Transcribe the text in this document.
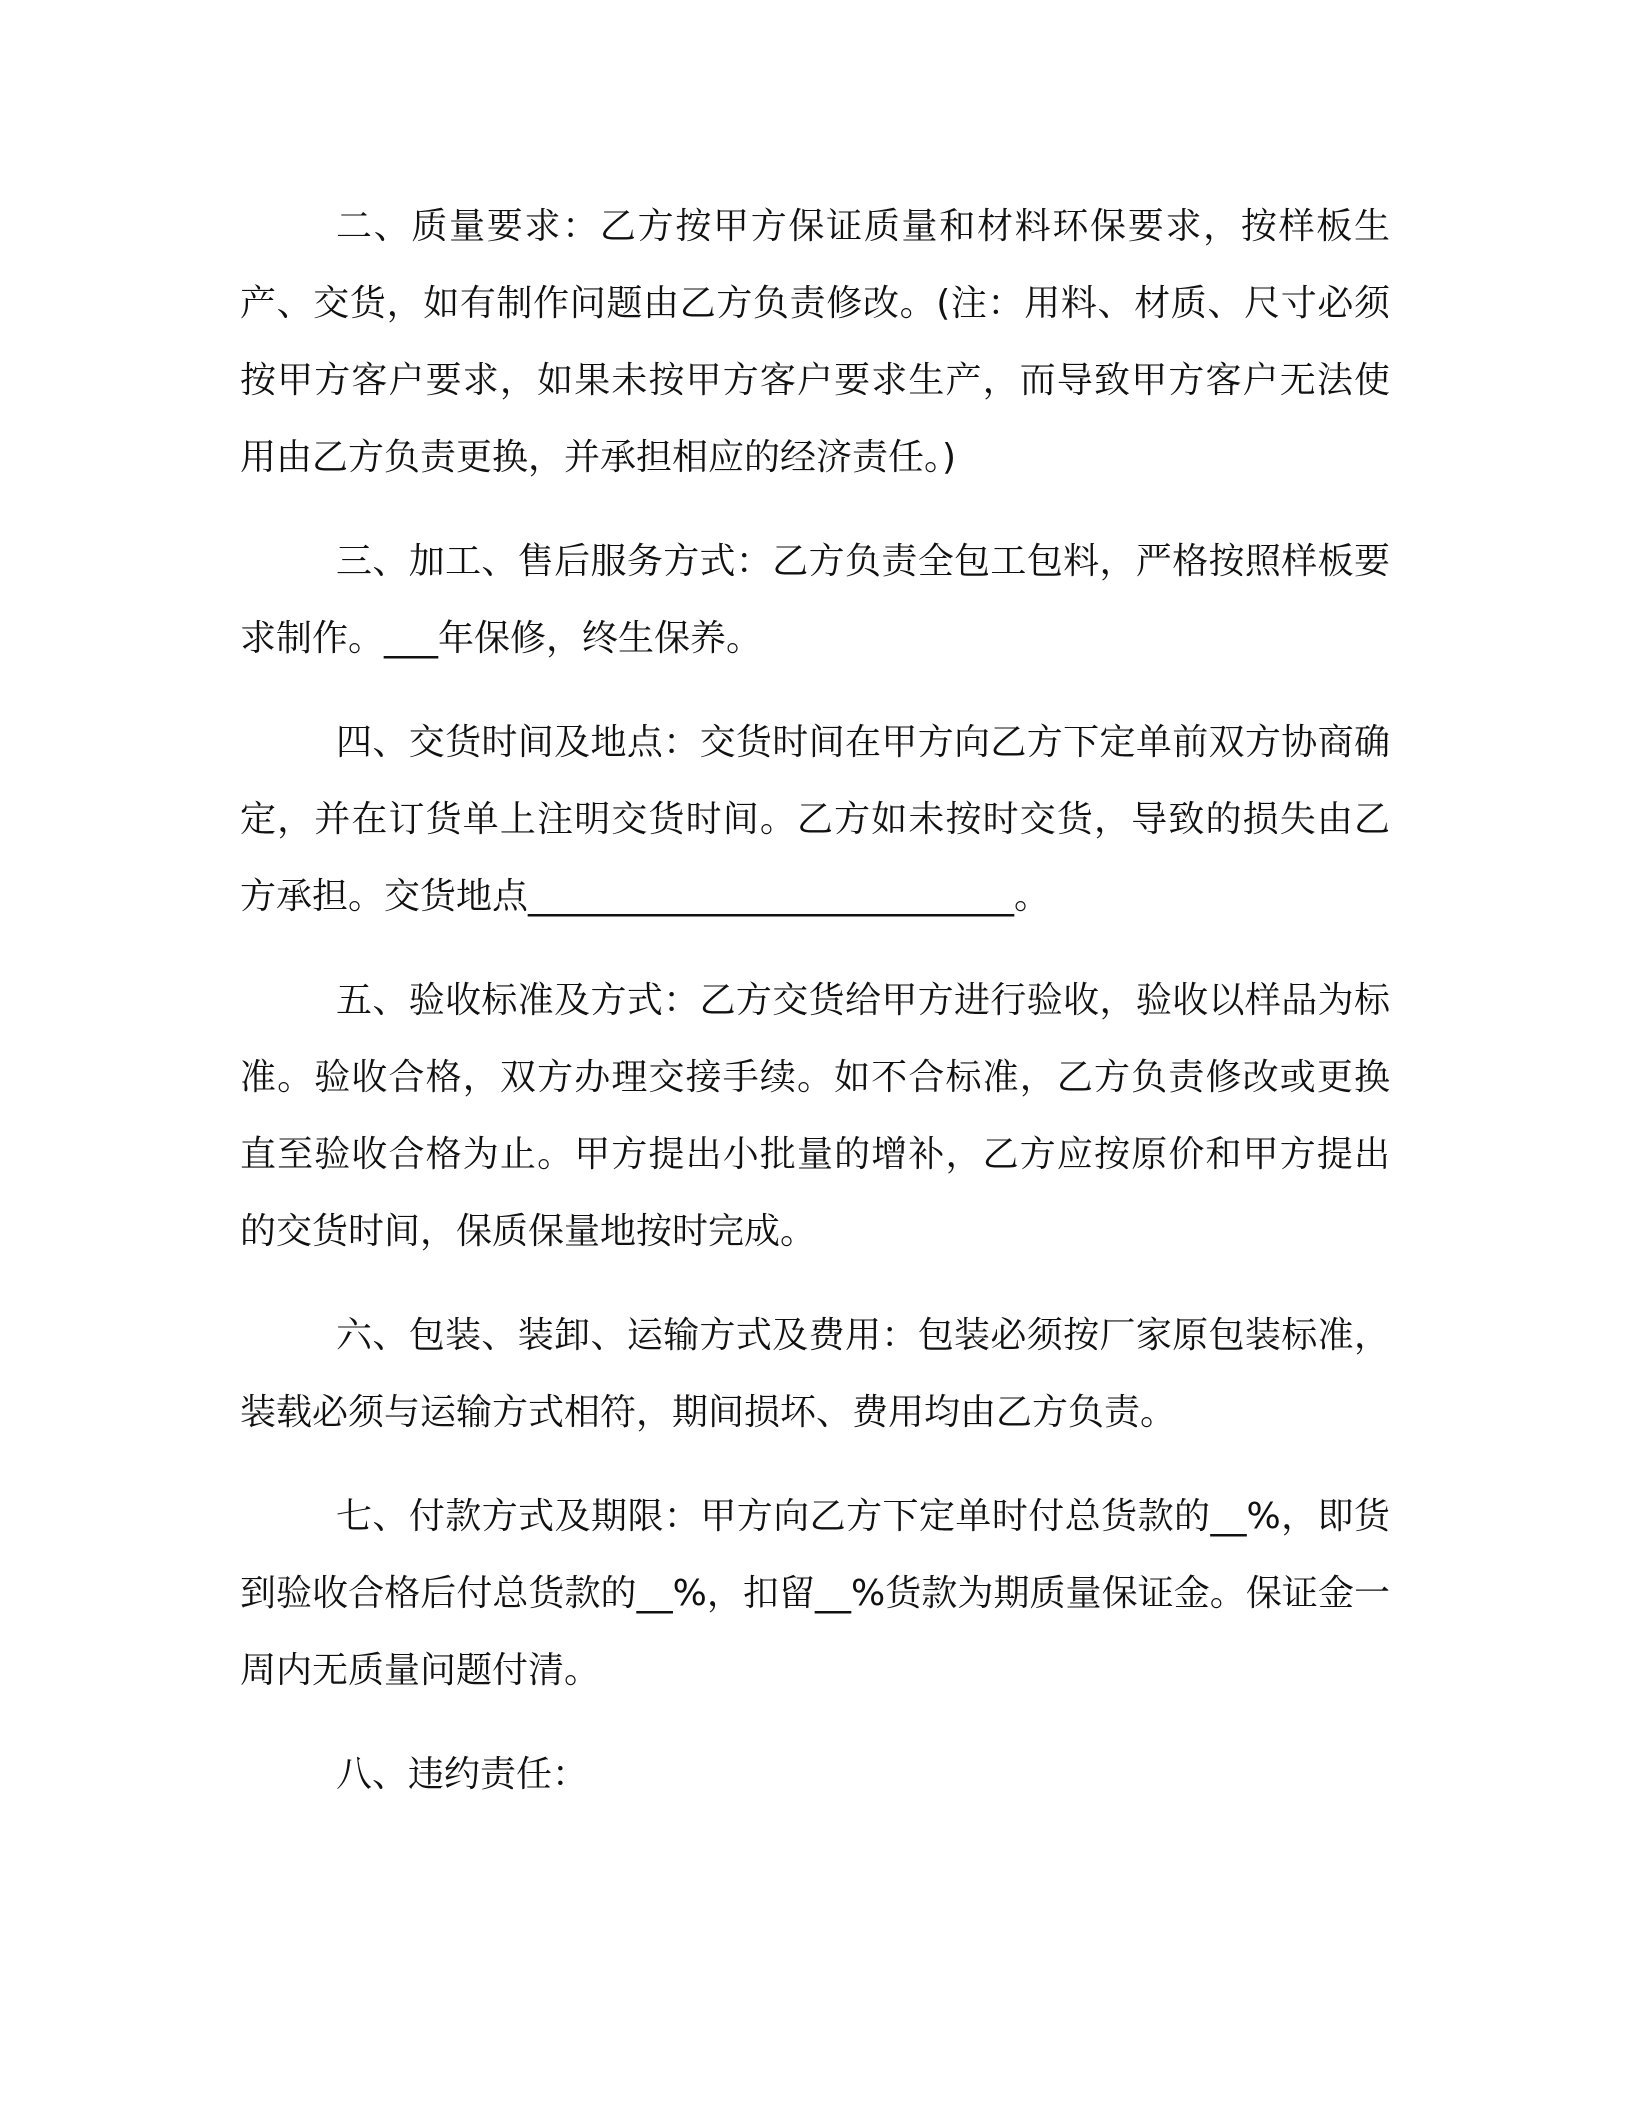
二、质量要求：乙方按甲方保证质量和材料环保要求，按样板生产、交货，如有制作问题由乙方负责修改。(注：用料、材质、尺寸必须按甲方客户要求，如果未按甲方客户要求生产，而导致甲方客户无法使用由乙方负责更换，并承担相应的经济责任。)

三、加工、售后服务方式：乙方负责全包工包料，严格按照样板要求制作。___年保修，终生保养。

四、交货时间及地点：交货时间在甲方向乙方下定单前双方协商确定，并在订货单上注明交货时间。乙方如未按时交货，导致的损失由乙方承担。交货地点___________________________。

五、验收标准及方式：乙方交货给甲方进行验收，验收以样品为标准。验收合格，双方办理交接手续。如不合标准，乙方负责修改或更换直至验收合格为止。甲方提出小批量的增补，乙方应按原价和甲方提出的交货时间，保质保量地按时完成。

六、包装、装卸、运输方式及费用：包装必须按厂家原包装标准，装载必须与运输方式相符，期间损坏、费用均由乙方负责。

七、付款方式及期限：甲方向乙方下定单时付总货款的__%，即货到验收合格后付总货款的__%，扣留__%货款为期质量保证金。保证金一周内无质量问题付清。

八、违约责任：
